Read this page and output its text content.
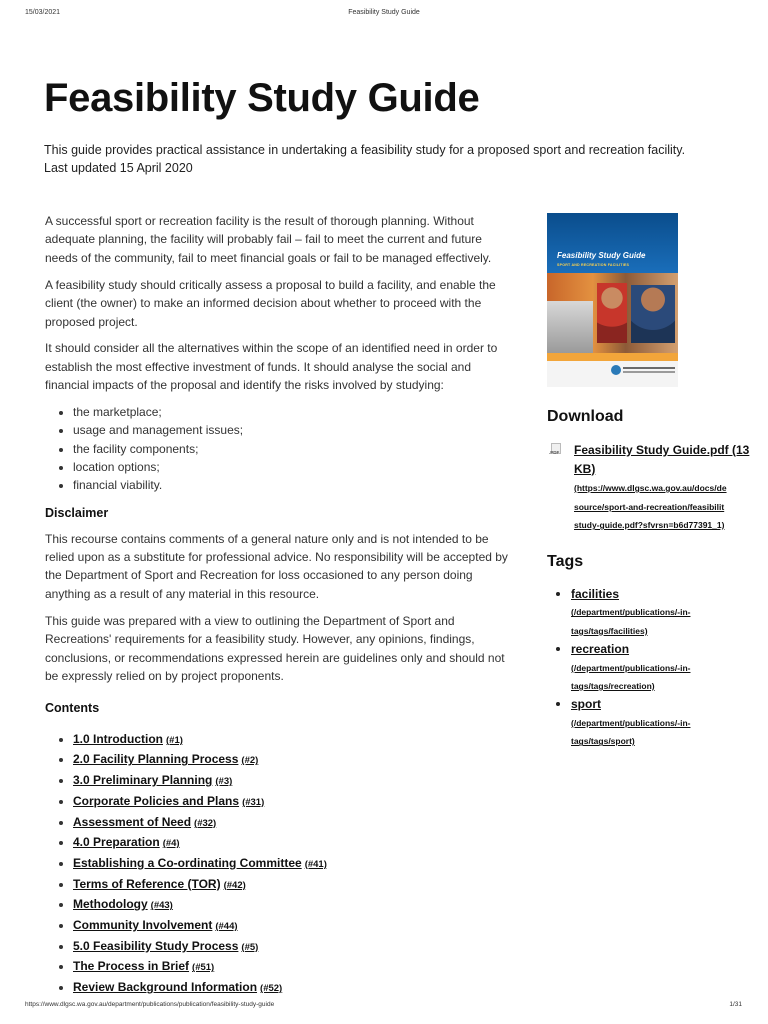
15/03/2021	Feasibility Study Guide
Feasibility Study Guide
This guide provides practical assistance in undertaking a feasibility study for a proposed sport and recreation facility.
Last updated 15 April 2020

A successful sport or recreation facility is the result of thorough planning. Without adequate planning, the facility will probably fail – fail to meet the current and future needs of the community, fail to meet financial goals or fail to be managed effectively.

A feasibility study should critically assess a proposal to build a facility, and enable the client (the owner) to make an informed decision about whether to proceed with the proposed project.

It should consider all the alternatives within the scope of an identified need in order to establish the most effective investment of funds. It should analyse the social and financial impacts of the proposal and identify the risks involved by studying:

• the marketplace;
• usage and management issues;
• the facility components;
• location options;
• financial viability.
Disclaimer

This recourse contains comments of a general nature only and is not intended to be relied upon as a substitute for professional advice. No responsibility will be accepted by the Department of Sport and Recreation for loss occasioned to any person doing anything as a result of any material in this resource.

This guide was prepared with a view to outlining the Department of Sport and Recreations' requirements for a feasibility study. However, any opinions, findings, conclusions, or recommendations expressed herein are guidelines only and should not be expressly relied on by project proponents.

Contents
• 1.0 Introduction (#1)
• 2.0 Facility Planning Process (#2)
• 3.0 Preliminary Planning (#3)
• Corporate Policies and Plans (#31)
• Assessment of Need (#32)
• 4.0 Preparation (#4)
• Establishing a Co-ordinating Committee (#41)
• Terms of Reference (TOR) (#42)
• Methodology (#43)
• Community Involvement (#44)
• 5.0 Feasibility Study Process (#5)
• The Process in Brief (#51)
• Review Background Information (#52)
Feasibility Study Guide
SPORT AND RECREATION FACILITIES
Download
.PDF Feasibility Study Guide.pdf (13
KB)
(https://www.dlgsc.wa.gov.au/docs/de
source/sport-and-recreation/feasibilit
study-guide.pdf?sfvrsn=b6d77391_1)
Tags
• facilities
(/department/publications/-in-
tags/tags/facilities)
• recreation
(/department/publications/-in-
tags/tags/recreation)
• sport
(/department/publications/-in-
tags/tags/sport)
https://www.dlgsc.wa.gov.au/department/publications/publication/feasibility-study-guide	1/31
